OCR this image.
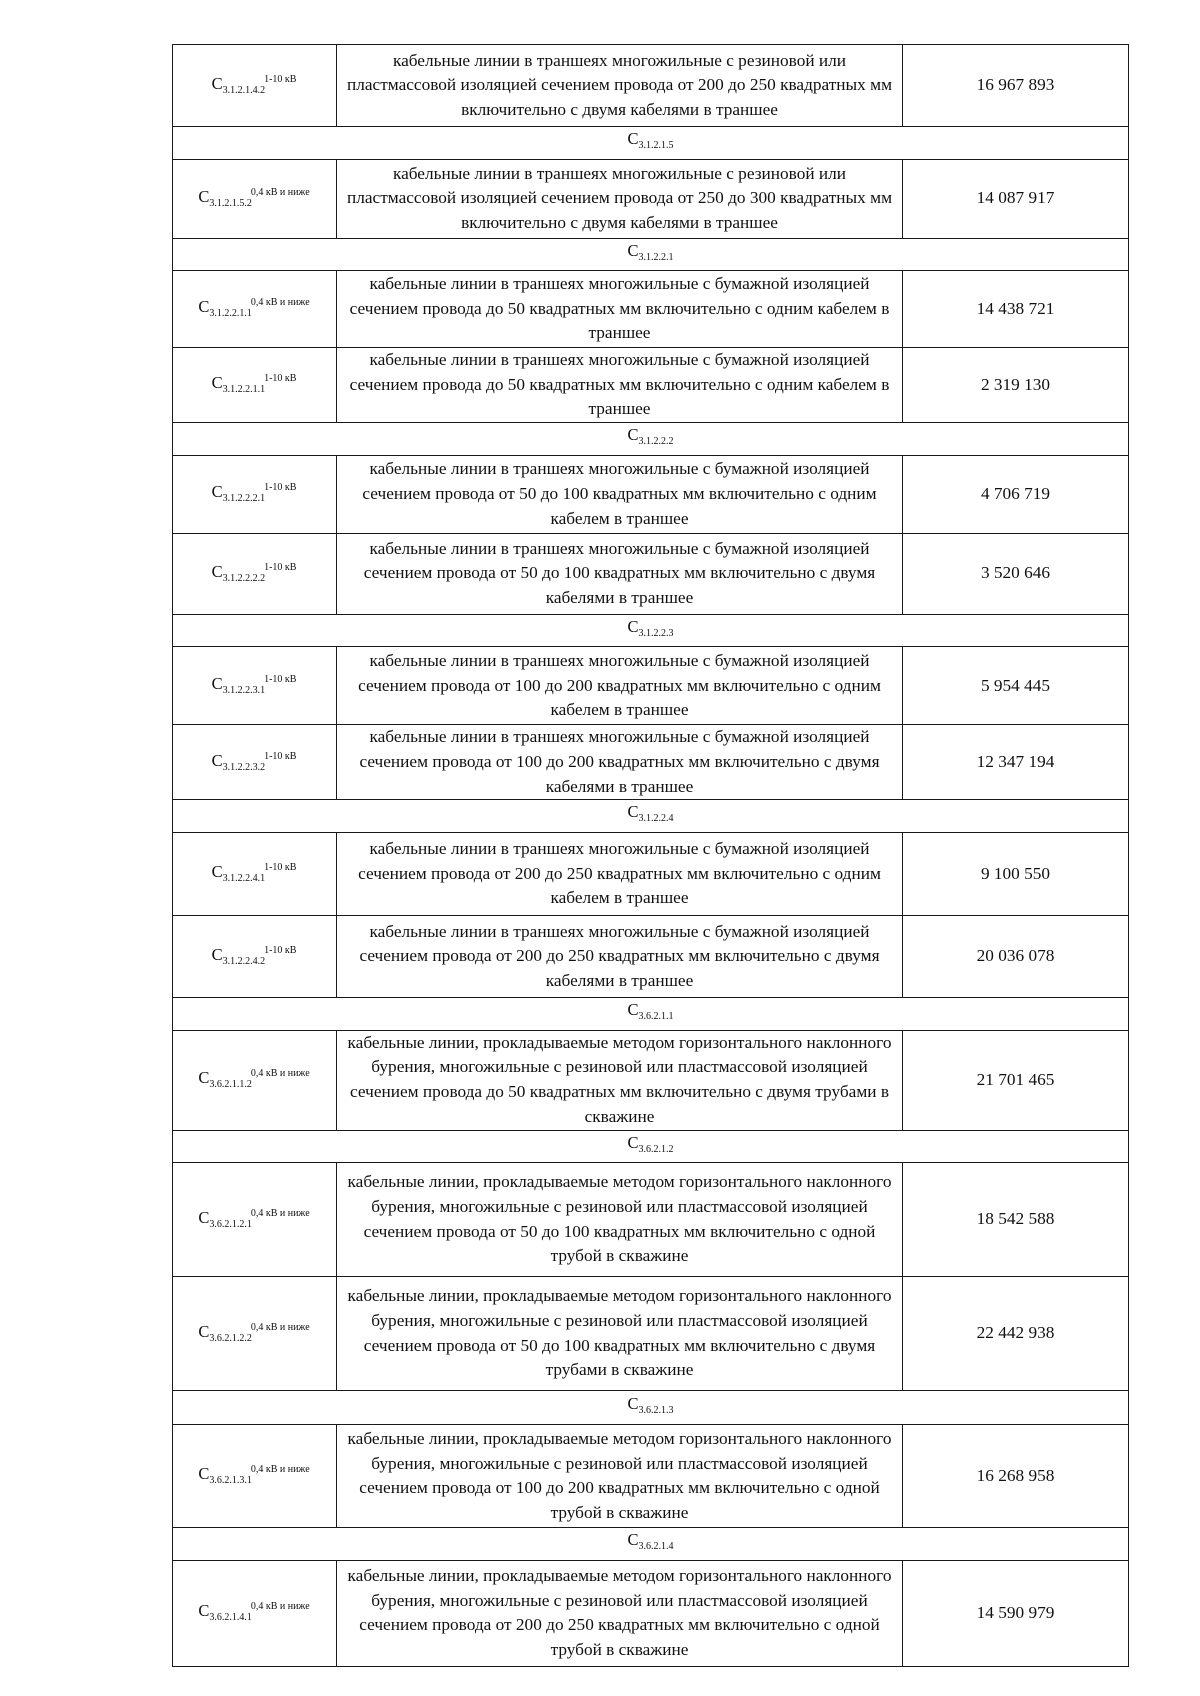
$C_{3.1.2.1.4.2}^{1-10 кВ}$	кабельные линии в траншеях многожильные с резиновой или пластмассовой изоляцией сечением провода от 200 до 250 квадратных мм включительно с двумя кабелями в траншее	16 967 893
$C_{3.1.2.1.5}$
$C_{3.1.2.1.5.2}^{0,4 кВ и ниже}$	кабельные линии в траншеях многожильные с резиновой или пластмассовой изоляцией сечением провода от 250 до 300 квадратных мм включительно с двумя кабелями в траншее	14 087 917
$C_{3.1.2.2.1}$
$C_{3.1.2.2.1.1}^{0,4 кВ и ниже}$	кабельные линии в траншеях многожильные с бумажной изоляцией сечением провода до 50 квадратных мм включительно с одним кабелем в траншее	14 438 721
$C_{3.1.2.2.1.1}^{1-10 кВ}$	кабельные линии в траншеях многожильные с бумажной изоляцией сечением провода до 50 квадратных мм включительно с одним кабелем в траншее	2 319 130
$C_{3.1.2.2.2}$
$C_{3.1.2.2.2.1}^{1-10 кВ}$	кабельные линии в траншеях многожильные с бумажной изоляцией сечением провода от 50 до 100 квадратных мм включительно с одним кабелем в траншее	4 706 719
$C_{3.1.2.2.2.2}^{1-10 кВ}$	кабельные линии в траншеях многожильные с бумажной изоляцией сечением провода от 50 до 100 квадратных мм включительно с двумя кабелями в траншее	3 520 646
$C_{3.1.2.2.3}$
$C_{3.1.2.2.3.1}^{1-10 кВ}$	кабельные линии в траншеях многожильные с бумажной изоляцией сечением провода от 100 до 200 квадратных мм включительно с одним кабелем в траншее	5 954 445
$C_{3.1.2.2.3.2}^{1-10 кВ}$	кабельные линии в траншеях многожильные с бумажной изоляцией сечением провода от 100 до 200 квадратных мм включительно с двумя кабелями в траншее	12 347 194
$C_{3.1.2.2.4}$
$C_{3.1.2.2.4.1}^{1-10 кВ}$	кабельные линии в траншеях многожильные с бумажной изоляцией сечением провода от 200 до 250 квадратных мм включительно с одним кабелем в траншее	9 100 550
$C_{3.1.2.2.4.2}^{1-10 кВ}$	кабельные линии в траншеях многожильные с бумажной изоляцией сечением провода от 200 до 250 квадратных мм включительно с двумя кабелями в траншее	20 036 078
$C_{3.6.2.1.1}$
$C_{3.6.2.1.1.2}^{0,4 кВ и ниже}$	кабельные линии, прокладываемые методом горизонтального наклонного бурения, многожильные с резиновой или пластмассовой изоляцией сечением провода до 50 квадратных мм включительно с двумя трубами в скважине	21 701 465
$C_{3.6.2.1.2}$
$C_{3.6.2.1.2.1}^{0,4 кВ и ниже}$	кабельные линии, прокладываемые методом горизонтального наклонного бурения, многожильные с резиновой или пластмассовой изоляцией сечением провода от 50 до 100 квадратных мм включительно с одной трубой в скважине	18 542 588
$C_{3.6.2.1.2.2}^{0,4 кВ и ниже}$	кабельные линии, прокладываемые методом горизонтального наклонного бурения, многожильные с резиновой или пластмассовой изоляцией сечением провода от 50 до 100 квадратных мм включительно с двумя трубами в скважине	22 442 938
$C_{3.6.2.1.3}$
$C_{3.6.2.1.3.1}^{0,4 кВ и ниже}$	кабельные линии, прокладываемые методом горизонтального наклонного бурения, многожильные с резиновой или пластмассовой изоляцией сечением провода от 100 до 200 квадратных мм включительно с одной трубой в скважине	16 268 958
$C_{3.6.2.1.4}$
$C_{3.6.2.1.4.1}^{0,4 кВ и ниже}$	кабельные линии, прокладываемые методом горизонтального наклонного бурения, многожильные с резиновой или пластмассовой изоляцией сечением провода от 200 до 250 квадратных мм включительно с одной трубой в скважине	14 590 979
